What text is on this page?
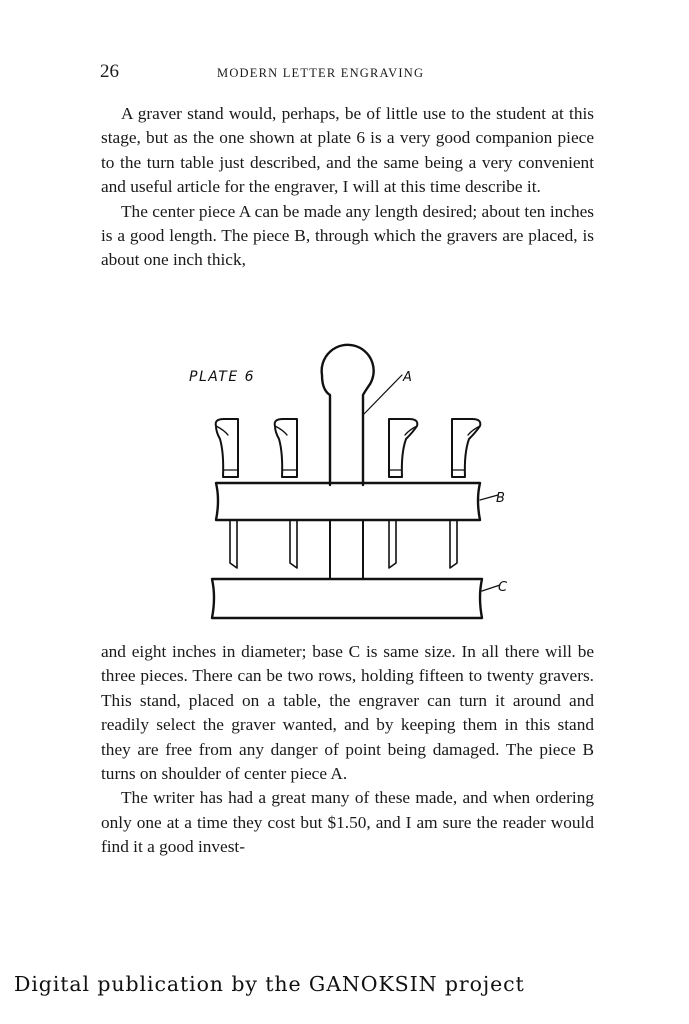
26	MODERN LETTER ENGRAVING

A graver stand would, perhaps, be of little use to the student at this stage, but as the one shown at plate 6 is a very good companion piece to the turn table just described, and the same being a very convenient and useful article for the engraver, I will at this time describe it.

The center piece A can be made any length desired; about ten inches is a good length. The piece B, through which the gravers are placed, is about one inch thick,

PLATE 6	A
B
C

and eight inches in diameter; base C is same size. In all there will be three pieces. There can be two rows, holding fifteen to twenty gravers. This stand, placed on a table, the engraver can turn it around and readily select the graver wanted, and by keeping them in this stand they are free from any danger of point being damaged. The piece B turns on shoulder of center piece A.

The writer has had a great many of these made, and when ordering only one at a time they cost but $1.50, and I am sure the reader would find it a good invest-

Digital publication by the GANOKSIN project
